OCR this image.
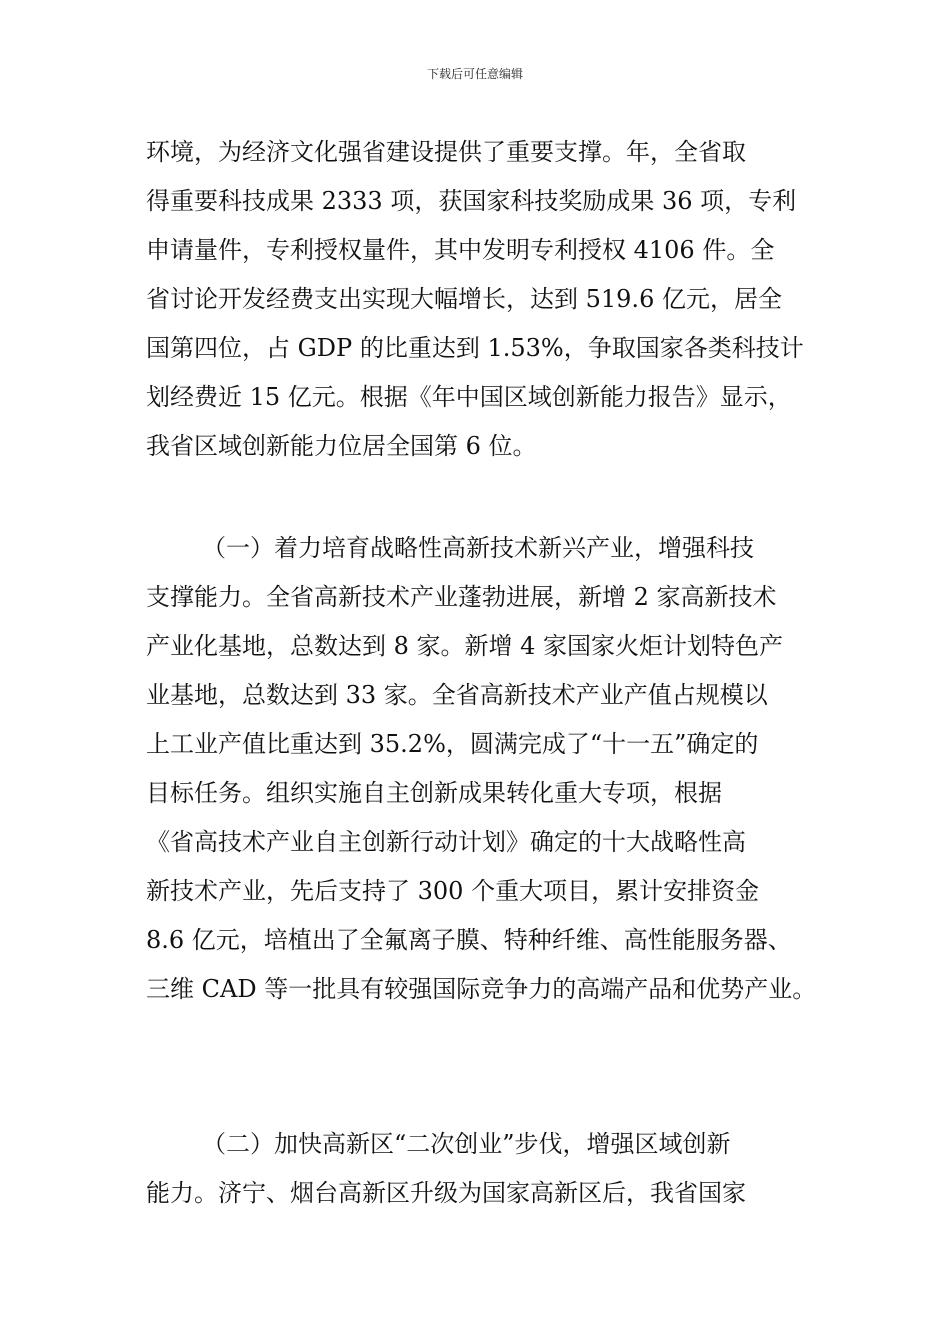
下载后可任意编辑
环境，为经济文化强省建设提供了重要支撑。年，全省取
得重要科技成果 2333 项，获国家科技奖励成果 36 项，专利
申请量件，专利授权量件，其中发明专利授权 4106 件。全
省讨论开发经费支出实现大幅增长，达到 519.6 亿元，居全
国第四位，占 GDP 的比重达到 1.53%，争取国家各类科技计
划经费近 15 亿元。根据《年中国区域创新能力报告》显示，
我省区域创新能力位居全国第 6 位。
（一）着力培育战略性高新技术新兴产业，增强科技
支撑能力。全省高新技术产业蓬勃进展，新增 2 家高新技术
产业化基地，总数达到 8 家。新增 4 家国家火炬计划特色产
业基地，总数达到 33 家。全省高新技术产业产值占规模以
上工业产值比重达到 35.2%，圆满完成了“十一五”确定的
目标任务。组织实施自主创新成果转化重大专项，根据
《省高技术产业自主创新行动计划》确定的十大战略性高
新技术产业，先后支持了 300 个重大项目，累计安排资金
8.6 亿元，培植出了全氟离子膜、特种纤维、高性能服务器、
三维 CAD 等一批具有较强国际竞争力的高端产品和优势产业。
（二）加快高新区“二次创业”步伐，增强区域创新
能力。济宁、烟台高新区升级为国家高新区后，我省国家
